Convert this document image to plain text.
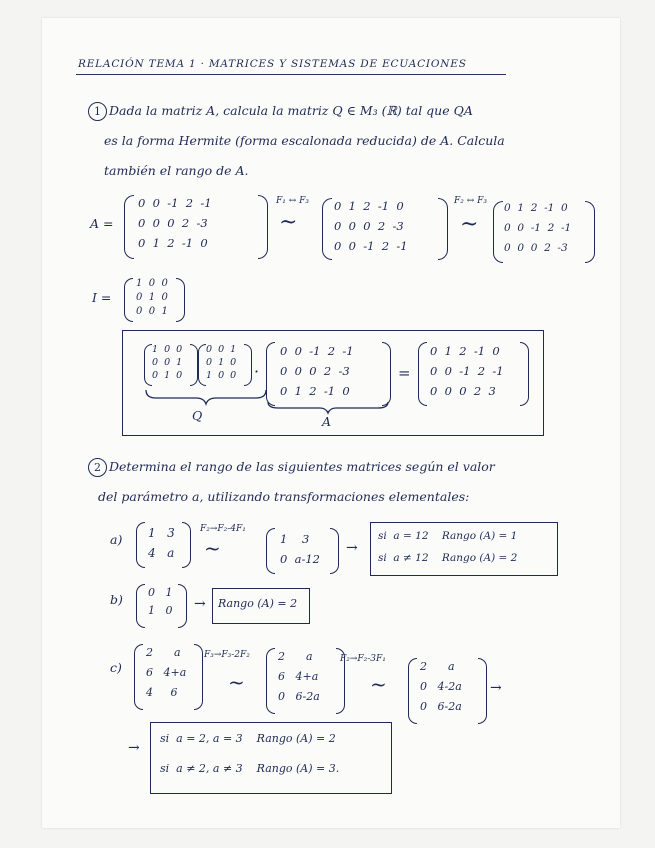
RELACIÓN TEMA 1 · MATRICES Y SISTEMAS DE ECUACIONES
1 Dada la matriz A, calcula la matriz Q ∈ M₃ (ℝ) tal que QA
es la forma Hermite (forma escalonada reducida) de A. Calcula
también el rango de A.
A =
0  0  -1  2  -1
0  0  0  2  -3
0  1  2  -1  0
F₁ ↔ F₃
~
0  1  2  -1  0
0  0  0  2  -3
0  0  -1  2  -1
F₂ ↔ F₃
~
0  1  2  -1  0
0  0  -1  2  -1
0  0  0  2  -3
I =
1  0  0
0  1  0
0  0  1
1  0  0
0  0  1
0  1  0
0  0  1
0  1  0
1  0  0 ·
0  0  -1  2  -1
0  0  0  2  -3
0  1  2  -1  0
=
0  1  2  -1  0
0  0  -1  2  -1
0  0  0  2  3
Q	A
2 Determina el rango de las siguientes matrices según el valor
del parámetro a, utilizando transformaciones elementales:
a) 1   3
4   a
F₂→F₂-4F₁
~	1    3
0  a-12
→
si  a = 12    Rango (A) = 1
si  a ≠ 12    Rango (A) = 2
b) 0   1
1   0 → Rango (A) = 2
c)
2      a
6   4+a
4     6
F₃→F₃-2F₂
~
2      a
6   4+a
0   6-2a
F₂→F₂-3F₁
~
2      a
0   4-2a
0   6-2a
→
→
si  a = 2, a = 3    Rango (A) = 2
si  a ≠ 2, a ≠ 3    Rango (A) = 3.
